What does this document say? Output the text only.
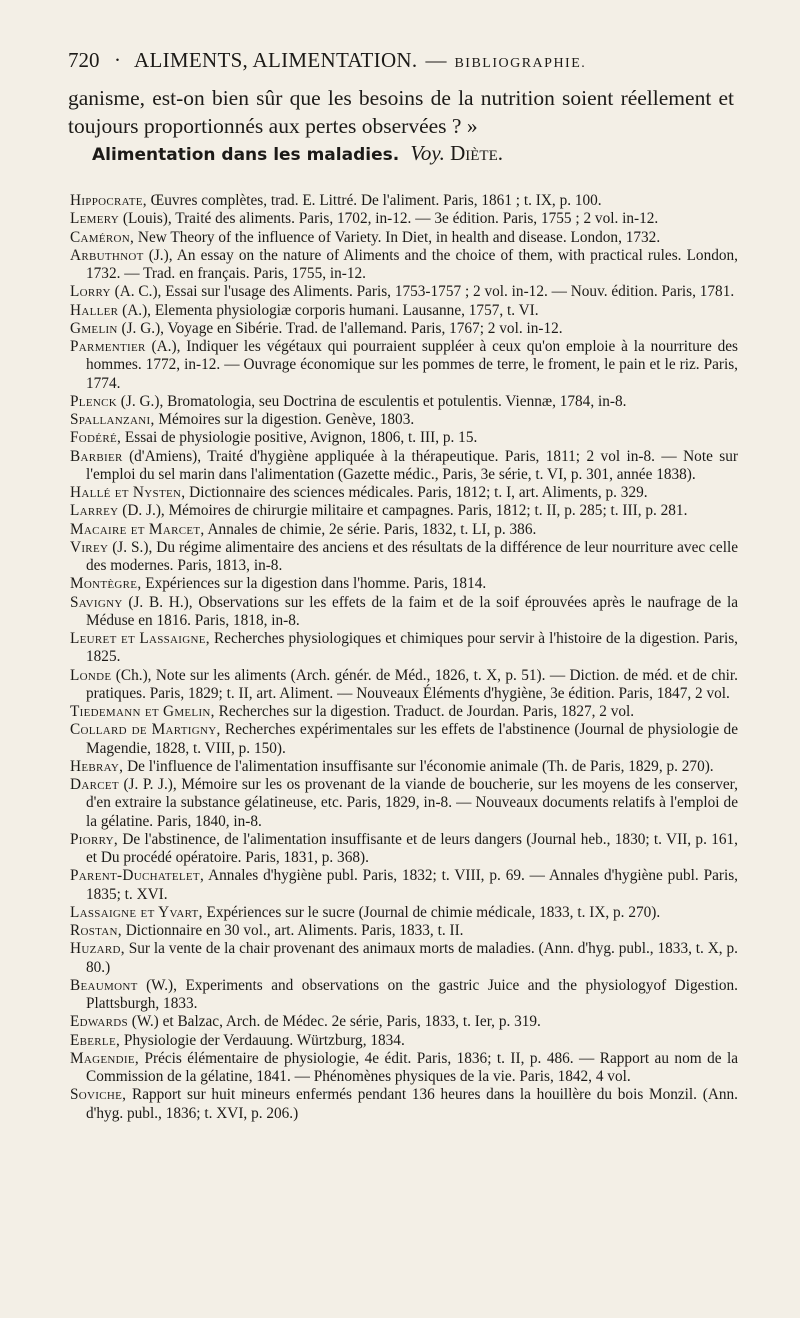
720 · ALIMENTS, ALIMENTATION. — BIBLIOGRAPHIE.
ganisme, est-on bien sûr que les besoins de la nutrition soient réellement et toujours proportionnés aux pertes observées ? »
Alimentation dans les maladies. Voy. Diète.
Hippocrate, Œuvres complètes, trad. E. Littré. De l'aliment. Paris, 1861 ; t. IX, p. 100.
Lemery (Louis), Traité des aliments. Paris, 1702, in-12. — 3e édition. Paris, 1755 ; 2 vol. in-12.
Caméron, New Theory of the influence of Variety. In Diet, in health and disease. London, 1732.
Arbuthnot (J.), An essay on the nature of Aliments and the choice of them, with practical rules. London, 1732. — Trad. en français. Paris, 1755, in-12.
Lorry (A. C.), Essai sur l'usage des Aliments. Paris, 1753-1757 ; 2 vol. in-12. — Nouv. édition. Paris, 1781.
Haller (A.), Elementa physiologiæ corporis humani. Lausanne, 1757, t. VI.
Gmelin (J. G.), Voyage en Sibérie. Trad. de l'allemand. Paris, 1767; 2 vol. in-12.
Parmentier (A.), Indiquer les végétaux qui pourraient suppléer à ceux qu'on emploie à la nourriture des hommes. 1772, in-12. — Ouvrage économique sur les pommes de terre, le froment, le pain et le riz. Paris, 1774.
Plenck (J. G.), Bromatologia, seu Doctrina de esculentis et potulentis. Viennæ, 1784, in-8.
Spallanzani, Mémoires sur la digestion. Genève, 1803.
Fodéré, Essai de physiologie positive, Avignon, 1806, t. III, p. 15.
Barbier (d'Amiens), Traité d'hygiène appliquée à la thérapeutique. Paris, 1811; 2 vol in-8. — Note sur l'emploi du sel marin dans l'alimentation (Gazette médic., Paris, 3e série, t. VI, p. 301, année 1838).
Hallé et Nysten, Dictionnaire des sciences médicales. Paris, 1812; t. I, art. Aliments, p. 329.
Larrey (D. J.), Mémoires de chirurgie militaire et campagnes. Paris, 1812; t. II, p. 285; t. III, p. 281.
Macaire et Marcet, Annales de chimie, 2e série. Paris, 1832, t. LI, p. 386.
Virey (J. S.), Du régime alimentaire des anciens et des résultats de la différence de leur nourriture avec celle des modernes. Paris, 1813, in-8.
Montègre, Expériences sur la digestion dans l'homme. Paris, 1814.
Savigny (J. B. H.), Observations sur les effets de la faim et de la soif éprouvées après le naufrage de la Méduse en 1816. Paris, 1818, in-8.
Leuret et Lassaigne, Recherches physiologiques et chimiques pour servir à l'histoire de la digestion. Paris, 1825.
Londe (Ch.), Note sur les aliments (Arch. génér. de Méd., 1826, t. X, p. 51). — Diction. de méd. et de chir. pratiques. Paris, 1829; t. II, art. Aliment. — Nouveaux Éléments d'hygiène, 3e édition. Paris, 1847, 2 vol.
Tiedemann et Gmelin, Recherches sur la digestion. Traduct. de Jourdan. Paris, 1827, 2 vol.
Collard de Martigny, Recherches expérimentales sur les effets de l'abstinence (Journal de physiologie de Magendie, 1828, t. VIII, p. 150).
Hebray, De l'influence de l'alimentation insuffisante sur l'économie animale (Th. de Paris, 1829, p. 270).
Darcet (J. P. J.), Mémoire sur les os provenant de la viande de boucherie, sur les moyens de les conserver, d'en extraire la substance gélatineuse, etc. Paris, 1829, in-8. — Nouveaux documents relatifs à l'emploi de la gélatine. Paris, 1840, in-8.
Piorry, De l'abstinence, de l'alimentation insuffisante et de leurs dangers (Journal heb., 1830; t. VII, p. 161, et Du procédé opératoire. Paris, 1831, p. 368).
Parent-Duchatelet, Annales d'hygiène publ. Paris, 1832; t. VIII, p. 69. — Annales d'hygiène publ. Paris, 1835; t. XVI.
Lassaigne et Yvart, Expériences sur le sucre (Journal de chimie médicale, 1833, t. IX, p. 270).
Rostan, Dictionnaire en 30 vol., art. Aliments. Paris, 1833, t. II.
Huzard, Sur la vente de la chair provenant des animaux morts de maladies. (Ann. d'hyg. publ., 1833, t. X, p. 80.)
Beaumont (W.), Experiments and observations on the gastric Juice and the physiologyof Digestion. Plattsburgh, 1833.
Edwards (W.) et Balzac, Arch. de Médec. 2e série, Paris, 1833, t. Ier, p. 319.
Eberle, Physiologie der Verdauung. Würtzburg, 1834.
Magendie, Précis élémentaire de physiologie, 4e édit. Paris, 1836; t. II, p. 486. — Rapport au nom de la Commission de la gélatine, 1841. — Phénomènes physiques de la vie. Paris, 1842, 4 vol.
Soviche, Rapport sur huit mineurs enfermés pendant 136 heures dans la houillère du bois Monzil. (Ann. d'hyg. publ., 1836; t. XVI, p. 206.)
